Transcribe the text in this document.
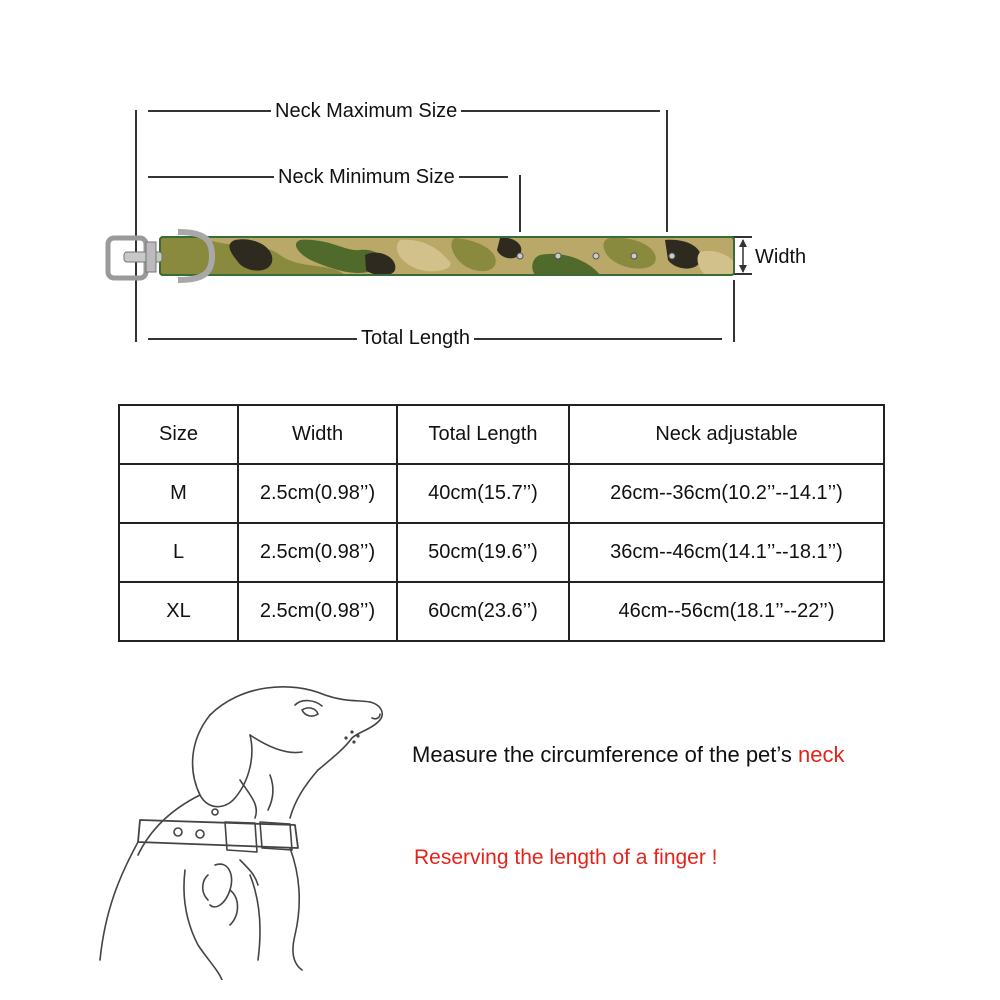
Neck Maximum Size
Neck Minimum Size
Width
Total Length
Size	Width	Total Length	Neck adjustable
M	2.5cm(0.98’’)	40cm(15.7’’)	26cm--36cm(10.2’’--14.1’’)
L	2.5cm(0.98’’)	50cm(19.6’’)	36cm--46cm(14.1’’--18.1’’)
XL	2.5cm(0.98’’)	60cm(23.6’’)	46cm--56cm(18.1’’--22’’)
Measure the circumference of the pet’s neck
Reserving the length of a finger !
